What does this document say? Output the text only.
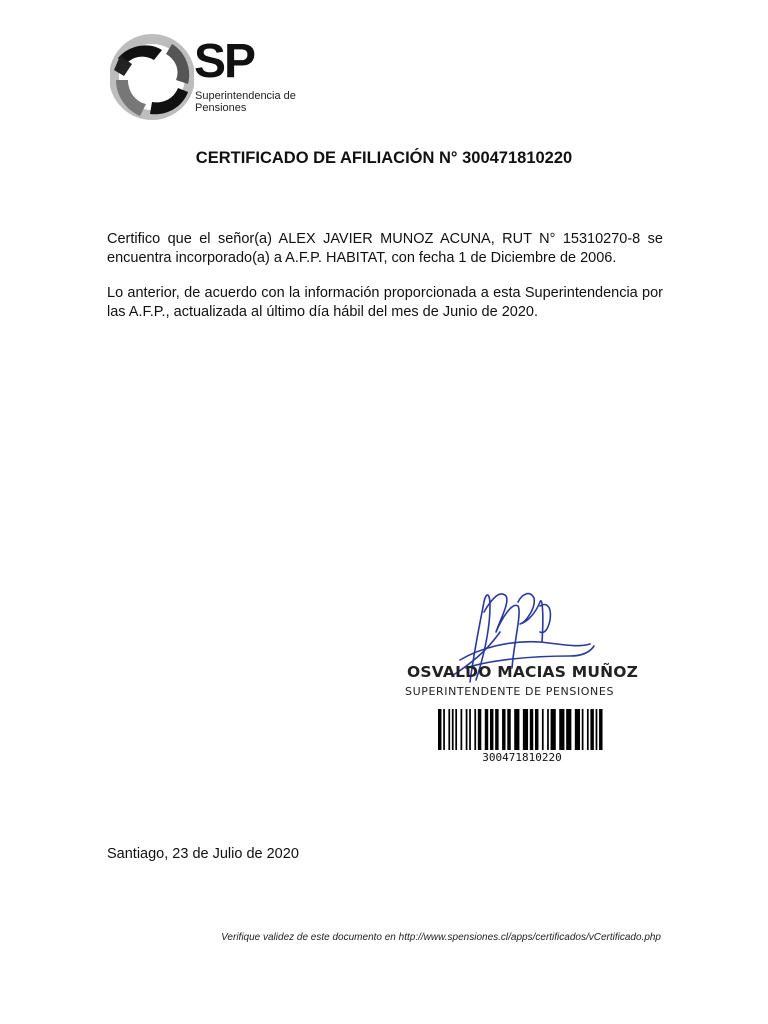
SP
Superintendencia de
Pensiones
CERTIFICADO DE AFILIACIÓN N° 300471810220
Certifico que el señor(a) ALEX JAVIER MUNOZ ACUNA, RUT N° 15310270-8 se encuentra incorporado(a) a A.F.P. HABITAT, con fecha 1 de Diciembre de 2006.
Lo anterior, de acuerdo con la información proporcionada a esta Superintendencia por las A.F.P., actualizada al último día hábil del mes de Junio de 2020.
OSVALDO MACIAS MUÑOZ
SUPERINTENDENTE DE PENSIONES
300471810220
Santiago, 23 de Julio de 2020
Verifique validez de este documento en http://www.spensiones.cl/apps/certificados/vCertificado.php
